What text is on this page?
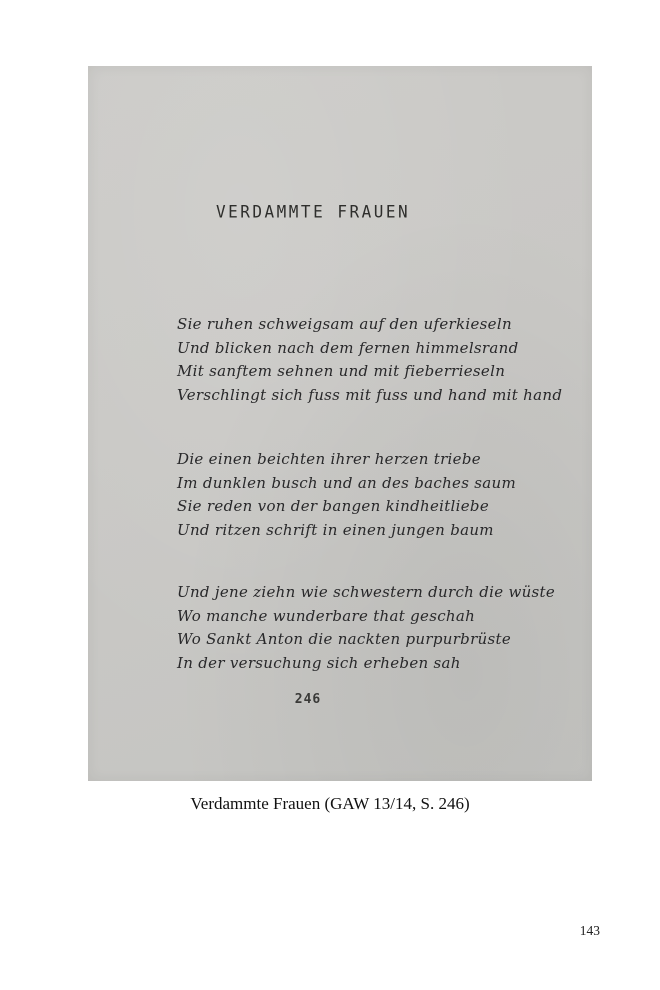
VERDAMMTE FRAUEN
Sie ruhen schweigsam auf den uferkieseln
Und blicken nach dem fernen himmelsrand
Mit sanftem sehnen und mit fieberrieseln
Verschlingt sich fuss mit fuss und hand mit hand
Die einen beichten ihrer herzen triebe
Im dunklen busch und an des baches saum
Sie reden von der bangen kindheitliebe
Und ritzen schrift in einen jungen baum
Und jene ziehn wie schwestern durch die wüste
Wo manche wunderbare that geschah
Wo Sankt Anton die nackten purpurbrüste
In der versuchung sich erheben sah
246
Verdammte Frauen (GAW 13/14, S. 246)
143
